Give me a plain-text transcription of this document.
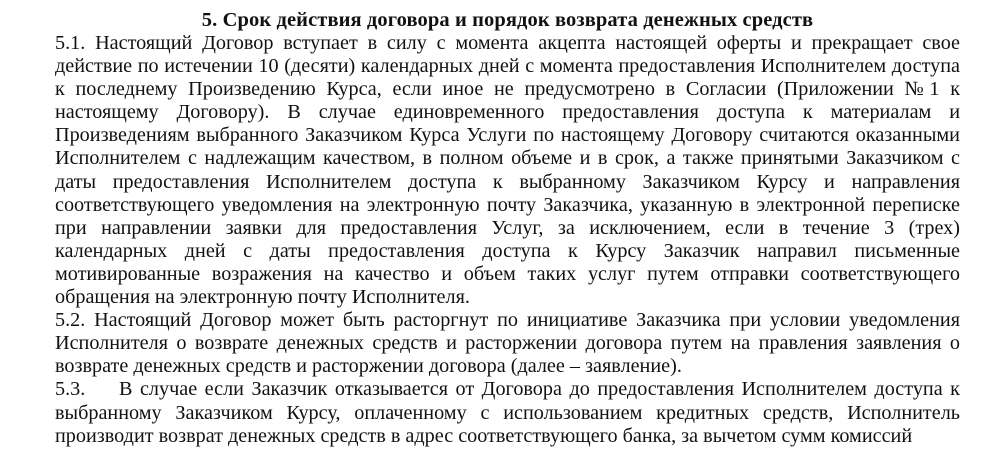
5. Срок действия договора и порядок возврата денежных средств

5.1. Настоящий Договор вступает в силу с момента акцепта настоящей оферты и прекращает свое действие по истечении 10 (десяти) календарных дней с момента предоставления Исполнителем доступа к последнему Произведению Курса, если иное не предусмотрено в Согласии (Приложении №1 к настоящему Договору). В случае единовременного предоставления доступа к материалам и Произведениям выбранного Заказчиком Курса Услуги по настоящему Договору считаются оказанными Исполнителем с надлежащим качеством, в полном объеме и в срок, а также принятыми Заказчиком с даты предоставления Исполнителем доступа к выбранному Заказчиком Курсу и направления соответствующего уведомления на электронную почту Заказчика, указанную в электронной переписке при направлении заявки для предоставления Услуг, за исключением, если в течение 3 (трех) календарных дней с даты предоставления доступа к Курсу Заказчик направил письменные мотивированные возражения на качество и объем таких услуг путем отправки соответствующего обращения на электронную почту Исполнителя.

5.2. Настоящий Договор может быть расторгнут по инициативе Заказчика при условии уведомления Исполнителя о возврате денежных средств и расторжении договора путем на правления заявления о возврате денежных средств и расторжении договора (далее – заявление).

5.3. В случае если Заказчик отказывается от Договора до предоставления Исполнителем доступа к выбранному Заказчиком Курсу, оплаченному с использованием кредитных средств, Исполнитель производит возврат денежных средств в адрес соответствующего банка, за вычетом сумм комиссий
